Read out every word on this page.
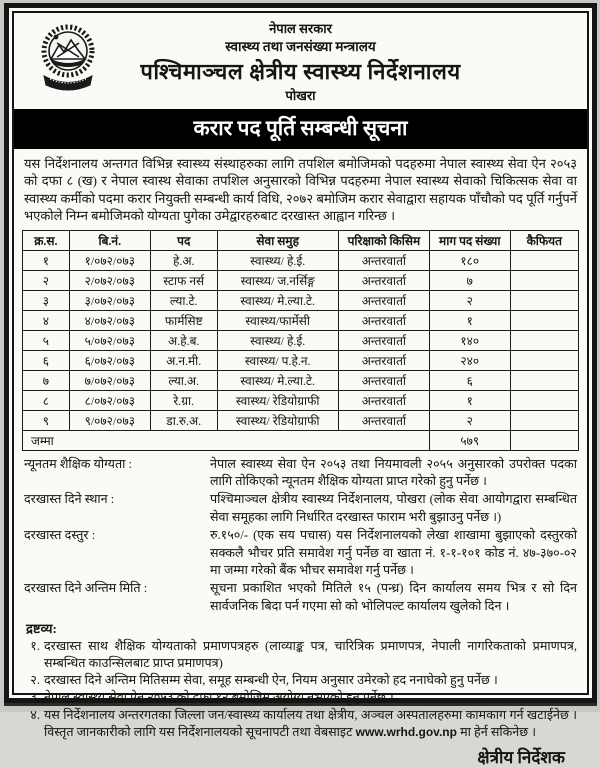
नेपाल सरकार
स्वास्थ्य तथा जनसंख्या मन्त्रालय
पश्चिमाञ्चल क्षेत्रीय स्वास्थ्य निर्देशनालय
पोखरा
करार पद पूर्ति सम्बन्धी सूचना

यस निर्देशनालय अन्तगत विभिन्न स्वास्थ्य संस्थाहरुका लागि तपशिल बमोजिमको पदहरुमा नेपाल स्वास्थ्य सेवा ऐन २०५३ को दफा ८ (ख) र नेपाल स्वास्थ सेवाका तपशिल अनुसारको विभिन्न पदहरुमा नेपाल स्वास्थ्य सेवाको चिकित्सक सेवा वा स्वास्थ्य कर्मीको पदमा करार नियुक्ती सम्बन्धी कार्य विधि, २०७२ बमोजिम करार सेवाद्वारा सहायक पाँचौको पद पूर्ति गर्नुपर्ने भएकोले निम्न बमोजिमको योग्यता पुगेका उमेद्वारहरुबाट दरखास्त आह्वान गरिन्छ ।

क्र.स.	बि.नं.	पद	सेवा समुह	परिक्षाको किसिम	माग पद संख्या	कैफियत
१	१/०७२/०७३	हे.अ.	स्वास्थ्य/ हे.ई.	अन्तरवार्ता	१८०	
२	२/०७२/०७३	स्टाफ नर्स	स्वास्थ्य/ ज.नर्सिङ्ग	अन्तरवार्ता	७	
३	३/०७२/०७३	ल्या.टे.	स्वास्थ्य/ मे.ल्या.टे.	अन्तरवार्ता	२	
४	४/०७२/०७३	फार्मसिष्ट	स्वास्थ्य/फार्मेसी	अन्तरवार्ता	१	
५	५/०७२/०७३	अ.हे.ब.	स्वास्थ्य/ हे.ई.	अन्तरवार्ता	१४०	
६	६/०७२/०७३	अ.न.मी.	स्वास्थ्य/ प.हे.न.	अन्तरवार्ता	२४०	
७	७/०७२/०७३	ल्या.अ.	स्वास्थ्य/ मे.ल्या.टे.	अन्तरवार्ता	६	
८	८/०७२/०७३	रे.ग्रा.	स्वास्थ्य/ रेडियोग्राफी	अन्तरवार्ता	१	
९	९/०७२/०७३	डा.रु.अ.	स्वास्थ्य/ रेडियोग्राफी	अन्तरवार्ता	२	
जम्मा					५७९	
न्यूनतम शैक्षिक योग्यता :	नेपाल स्वास्थ्य सेवा ऐन २०५३ तथा नियमावली २०५५ अनुसारको उपरोक्त पदका लागि तोकिएको न्यूनतम शैक्षिक योग्यता प्राप्त गरेको हुनु पर्नेछ ।
दरखास्त दिने स्थान :	पश्चिमाञ्चल क्षेत्रीय स्वास्थ्य निर्देशनालय, पोखरा (लोक सेवा आयोगद्वारा सम्बन्धित सेवा समूहका लागि निर्धारित दरखास्त फाराम भरी बुझाउनु पर्नेछ ।)
दरखास्त दस्तुर :	रु.१५०/- (एक सय पचास) यस निर्देशनालयको लेखा शाखामा बुझाएको दस्तुरको सक्कलै भौचर प्रति समावेश गर्नु पर्नेछ वा खाता नं. १-१-१०१ कोड नं. ४७-३७०-०२ मा जम्मा गरेको बैंक भौचर समावेश गर्नु पर्नेछ ।
दरखास्त दिने अन्तिम मिति :	सूचना प्रकाशित भएको मितिले १५ (पन्ध्र) दिन कार्यालय समय भित्र र सो दिन सार्वजनिक बिदा पर्न गएमा सो को भोलिपल्ट कार्यालय खुलेको दिन ।
द्रष्टव्य:
१. दरखास्त साथ शैक्षिक योग्यताको प्रमाणपत्रहरु (लाव्याङ्क पत्र, चारित्रिक प्रमाणपत्र, नेपाली नागरिकताको प्रमाणपत्र, सम्बन्धित काउन्सिलबाट प्राप्त प्रमाणपत्र)
२. दरखास्त दिने अन्तिम मितिसम्म सेवा, समूह सम्बन्धी ऐन, नियम अनुसार उमेरको हद ननाघेको हुनु पर्नेछ ।
३. नेपाल स्वास्थ्य सेवा ऐन २०५३ को दफा १२ बमोजिम अयोग्य नभएको हुनु पर्नेछ ।
४. यस निर्देशनालय अन्तरगतका जिल्ला जन/स्वास्थ्य कार्यालय तथा क्षेत्रीय, अञ्चल अस्पतालहरुमा कामकाग गर्न खटाईनेछ । विस्तृत जानकारीको लागि यस निर्देशनालयको सूचनापटी तथा वेबसाइट www.wrhd.gov.np मा हेर्न सकिनेछ ।
क्षेत्रीय निर्देशक
